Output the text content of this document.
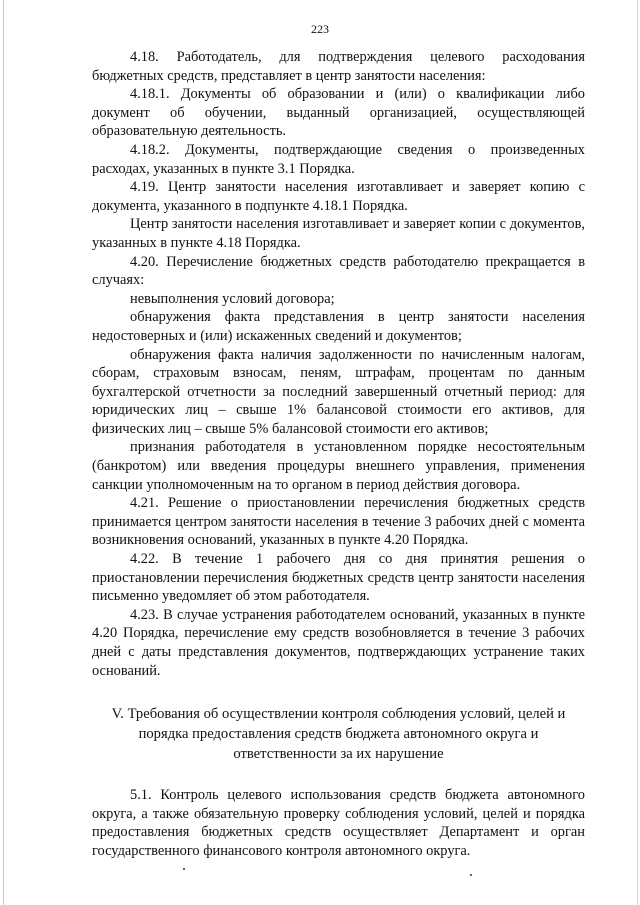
223

4.18. Работодатель, для подтверждения целевого расходования бюджетных средств, представляет в центр занятости населения:

4.18.1. Документы об образовании и (или) о квалификации либо документ об обучении, выданный организацией, осуществляющей образовательную деятельность.

4.18.2. Документы, подтверждающие сведения о произведенных расходах, указанных в пункте 3.1 Порядка.

4.19. Центр занятости населения изготавливает и заверяет копию с документа, указанного в подпункте 4.18.1 Порядка.

Центр занятости населения изготавливает и заверяет копии с документов, указанных в пункте 4.18 Порядка.

4.20. Перечисление бюджетных средств работодателю прекращается в случаях:

невыполнения условий договора;

обнаружения факта представления в центр занятости населения недостоверных и (или) искаженных сведений и документов;

обнаружения факта наличия задолженности по начисленным налогам, сборам, страховым взносам, пеням, штрафам, процентам по данным бухгалтерской отчетности за последний завершенный отчетный период: для юридических лиц – свыше 1% балансовой стоимости его активов, для физических лиц – свыше 5% балансовой стоимости его активов;

признания работодателя в установленном порядке несостоятельным (банкротом) или введения процедуры внешнего управления, применения санкции уполномоченным на то органом в период действия договора.

4.21. Решение о приостановлении перечисления бюджетных средств принимается центром занятости населения в течение 3 рабочих дней с момента возникновения оснований, указанных в пункте 4.20 Порядка.

4.22. В течение 1 рабочего дня со дня принятия решения о приостановлении перечисления бюджетных средств центр занятости населения письменно уведомляет об этом работодателя.

4.23. В случае устранения работодателем оснований, указанных в пункте 4.20 Порядка, перечисление ему средств возобновляется в течение 3 рабочих дней с даты представления документов, подтверждающих устранение таких оснований.

V. Требования об осуществлении контроля соблюдения условий, целей и
порядка предоставления средств бюджета автономного округа и
ответственности за их нарушение

5.1. Контроль целевого использования средств бюджета автономного округа, а также обязательную проверку соблюдения условий, целей и порядка предоставления бюджетных средств осуществляет Департамент и орган государственного финансового контроля автономного округа.
